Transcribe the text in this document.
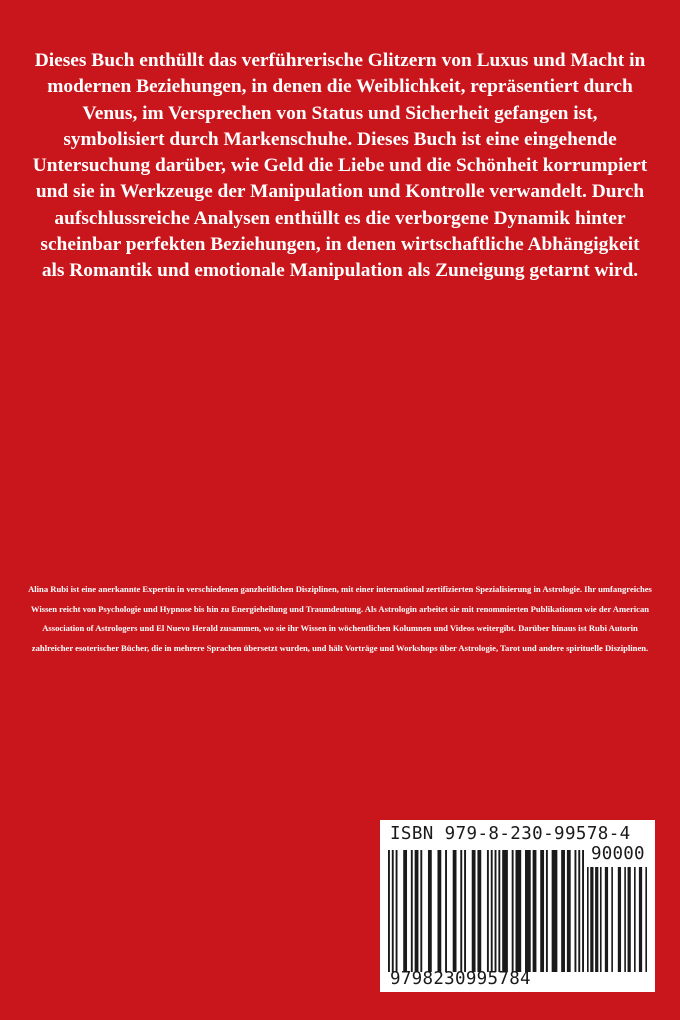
Dieses Buch enthüllt das verführerische Glitzern von Luxus und Macht in modernen Beziehungen, in denen die Weiblichkeit, repräsentiert durch Venus, im Versprechen von Status und Sicherheit gefangen ist, symbolisiert durch Markenschuhe. Dieses Buch ist eine eingehende Untersuchung darüber, wie Geld die Liebe und die Schönheit korrumpiert und sie in Werkzeuge der Manipulation und Kontrolle verwandelt. Durch aufschlussreiche Analysen enthüllt es die verborgene Dynamik hinter scheinbar perfekten Beziehungen, in denen wirtschaftliche Abhängigkeit als Romantik und emotionale Manipulation als Zuneigung getarnt wird.

Alina Rubi ist eine anerkannte Expertin in verschiedenen ganzheitlichen Disziplinen, mit einer international zertifizierten Spezialisierung in Astrologie. Ihr umfangreiches Wissen reicht von Psychologie und Hypnose bis hin zu Energieheilung und Traumdeutung. Als Astrologin arbeitet sie mit renommierten Publikationen wie der American Association of Astrologers und El Nuevo Herald zusammen, wo sie ihr Wissen in wöchentlichen Kolumnen und Videos weitergibt. Darüber hinaus ist Rubi Autorin zahlreicher esoterischer Bücher, die in mehrere Sprachen übersetzt wurden, und hält Vorträge und Workshops über Astrologie, Tarot und andere spirituelle Disziplinen.

ISBN 979-8-230-99578-4
90000
9798230995784
